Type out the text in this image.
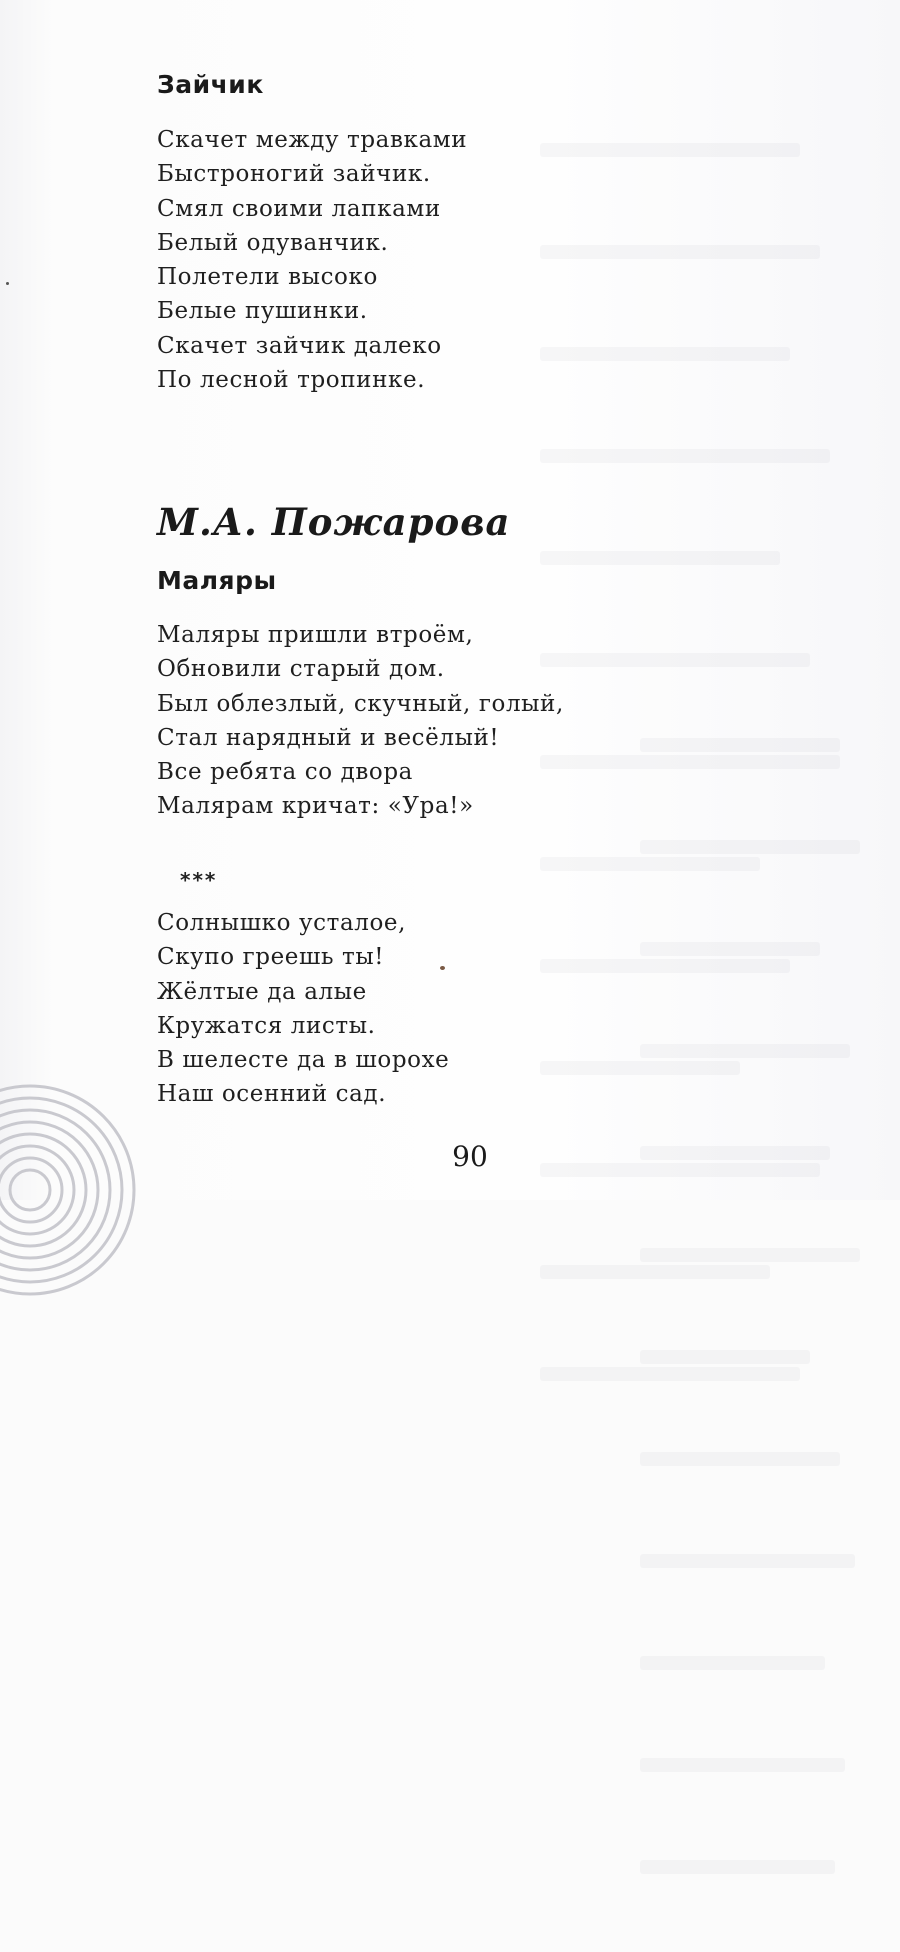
Зайчик
Скачет между травками
Быстроногий зайчик.
Смял своими лапками
Белый одуванчик.
Полетели высоко
Белые пушинки.
Скачет зайчик далеко
По лесной тропинке.
М.А. Пожарова
Маляры
Маляры пришли втроём,
Обновили старый дом.
Был облезлый, скучный, голый,
Стал нарядный и весёлый!
Все ребята со двора
Малярам кричат: «Ура!»
***
Солнышко усталое,
Скупо греешь ты!
Жёлтые да алые
Кружатся листы.
В шелесте да в шорохе
Наш осенний сад.
90
